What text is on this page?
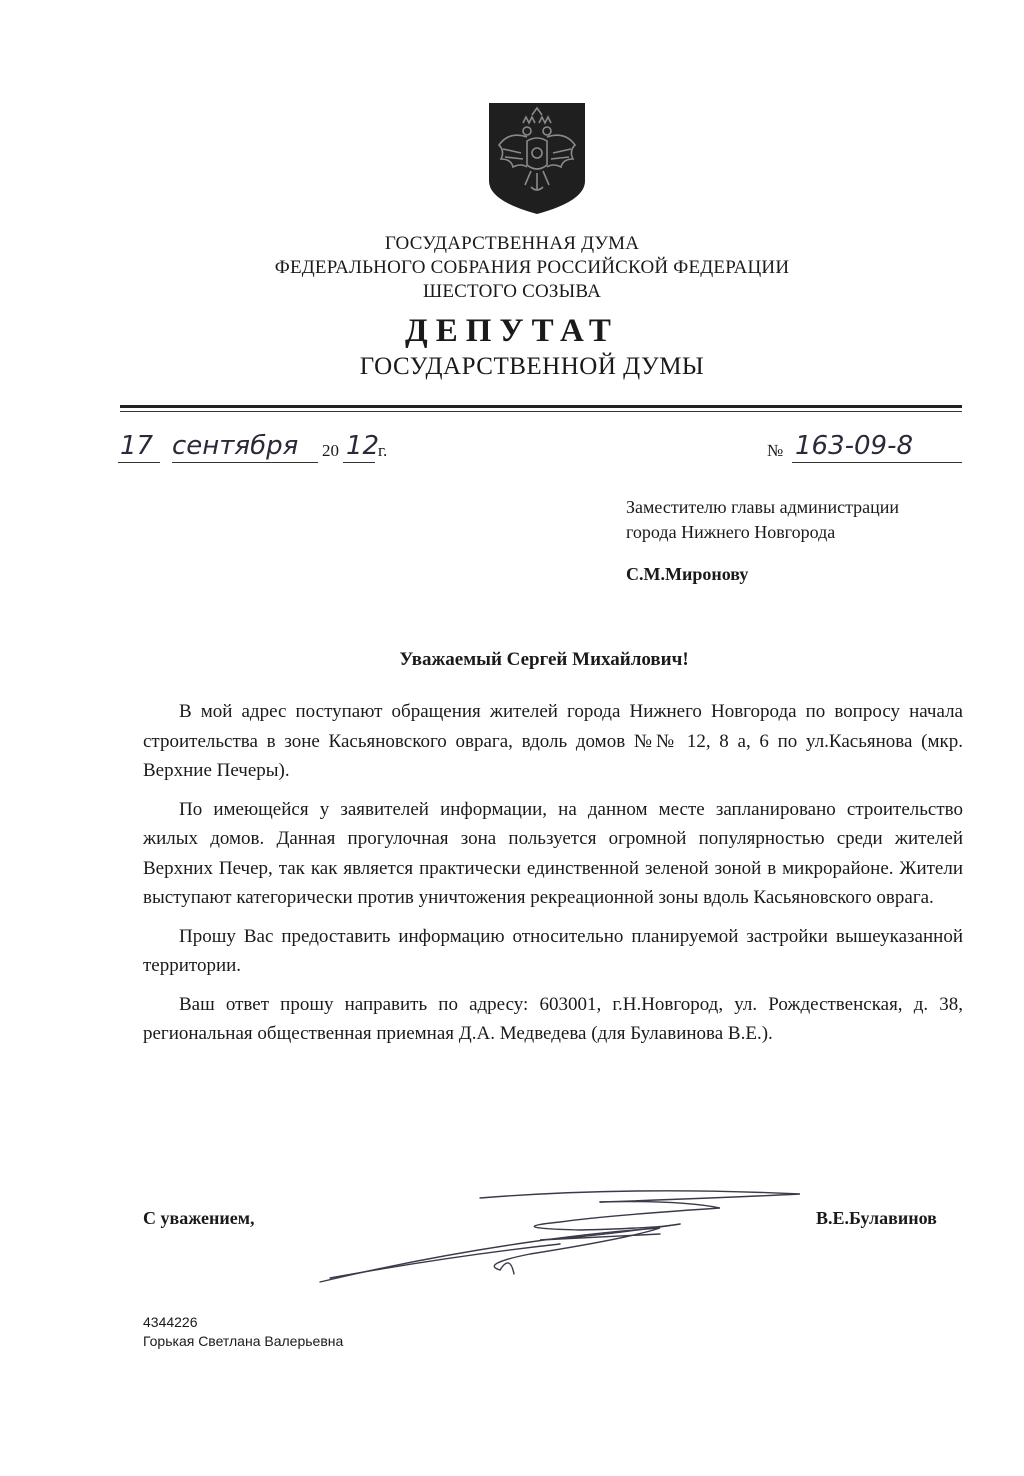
ГОСУДАРСТВЕННАЯ ДУМА
ФЕДЕРАЛЬНОГО СОБРАНИЯ РОССИЙСКОЙ ФЕДЕРАЦИИ
ШЕСТОГО СОЗЫВА
ДЕПУТАТ
ГОСУДАРСТВЕННОЙ ДУМЫ
17 сентября 20 12
г.	№ 163-09-8
Заместителю главы администрации
города Нижнего Новгорода
С.М.Миронову
Уважаемый Сергей Михайлович!

В мой адрес поступают обращения жителей города Нижнего Новгорода по вопросу начала строительства в зоне Касьяновского оврага, вдоль домов №№ 12, 8 а, 6 по ул.Касьянова (мкр. Верхние Печеры).

По имеющейся у заявителей информации, на данном месте запланировано строительство жилых домов. Данная прогулочная зона пользуется огромной популярностью среди жителей Верхних Печер, так как является практически единственной зеленой зоной в микрорайоне. Жители выступают категорически против уничтожения рекреационной зоны вдоль Касьяновского оврага.

Прошу Вас предоставить информацию относительно планируемой застройки вышеуказанной территории.

Ваш ответ прошу направить по адресу: 603001, г.Н.Новгород, ул. Рождественская, д. 38, региональная общественная приемная Д.А. Медведева (для Булавинова В.Е.).

С уважением,	В.Е.Булавинов
4344226
Горькая Светлана Валерьевна
